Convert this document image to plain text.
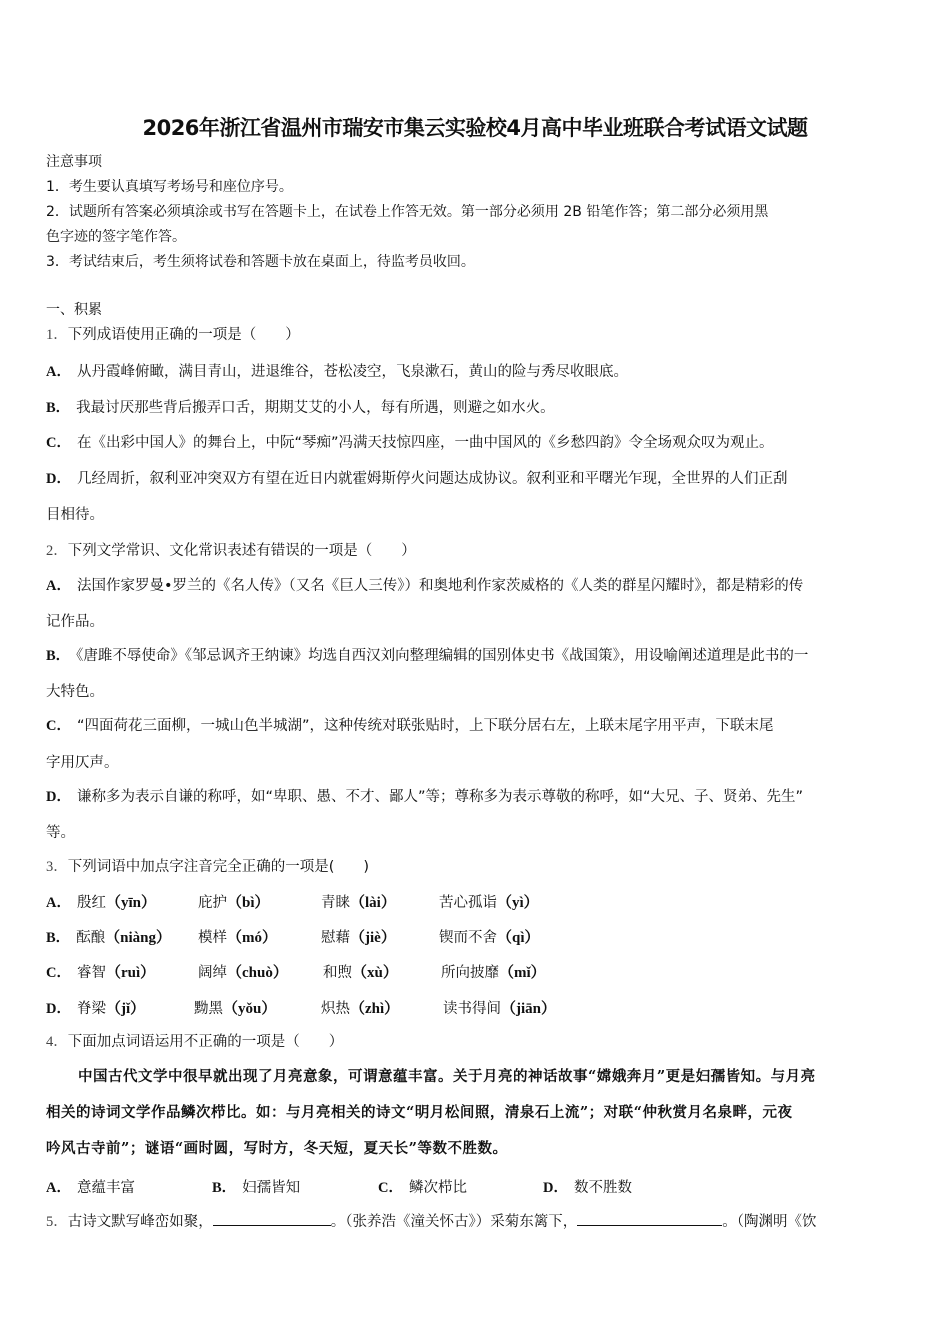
2026年浙江省温州市瑞安市集云实验校4月高中毕业班联合考试语文试题
注意事项
1．考生要认真填写考场号和座位序号。
2．试题所有答案必须填涂或书写在答题卡上，在试卷上作答无效。第一部分必须用 2B 铅笔作答；第二部分必须用黑
色字迹的签字笔作答。
3．考试结束后，考生须将试卷和答题卡放在桌面上，待监考员收回。
一、积累
1．下列成语使用正确的一项是（　　）
A． 从丹霞峰俯瞰，满目青山，进退维谷，苍松凌空，飞泉漱石，黄山的险与秀尽收眼底。
B． 我最讨厌那些背后搬弄口舌，期期艾艾的小人，每有所遇，则避之如水火。
C． 在《出彩中国人》的舞台上，中阮“琴痴”冯满天技惊四座，一曲中国风的《乡愁四韵》令全场观众叹为观止。
D． 几经周折，叙利亚冲突双方有望在近日内就霍姆斯停火问题达成协议。叙利亚和平曙光乍现，全世界的人们正刮
目相待。
2．下列文学常识、文化常识表述有错误的一项是（　　）
A． 法国作家罗曼•罗兰的《名人传》（又名《巨人三传》）和奥地利作家茨威格的《人类的群星闪耀时》，都是精彩的传
记作品。
B． 《唐雎不辱使命》《邹忌讽齐王纳谏》均选自西汉刘向整理编辑的国别体史书《战国策》，用设喻阐述道理是此书的一
大特色。
C． “四面荷花三面柳，一城山色半城湖”，这种传统对联张贴时，上下联分居右左，上联末尾字用平声，下联末尾
字用仄声。
D． 谦称多为表示自谦的称呼，如“卑职、愚、不才、鄙人”等；尊称多为表示尊敬的称呼，如“大兄、子、贤弟、先生”
等。
3．下列词语中加点字注音完全正确的一项是(　　)
A． 殷红（yīn）	庇护（bì）	青睐（lài）	苦心孤诣（yì）
B． 酝酿（niàng） 模样（mó）	慰藉（jiè）	锲而不舍（qì）
C． 睿智（ruì）	阔绰（chuò） 和煦（xù）	所向披靡（mǐ）
D． 脊梁（jǐ）	黝黑（yǒu）	炽热（zhì）	读书得间（jiān）
4．下面加点词语运用不正确的一项是（　　）
中国古代文学中很早就出现了月亮意象，可谓意蕴丰富。关于月亮的神话故事“嫦娥奔月”更是妇孺皆知。与月亮
相关的诗词文学作品鳞次栉比。如：与月亮相关的诗文“明月松间照，清泉石上流”；对联“仲秋赏月名泉畔，元夜
吟风古寺前”；谜语“画时圆，写时方，冬天短，夏天长”等数不胜数。
A． 意蕴丰富	B． 妇孺皆知	C． 鳞次栉比	D． 数不胜数
5．古诗文默写峰峦如聚，	。（张养浩《潼关怀古》）采菊东篱下，	。（陶渊明《饮
